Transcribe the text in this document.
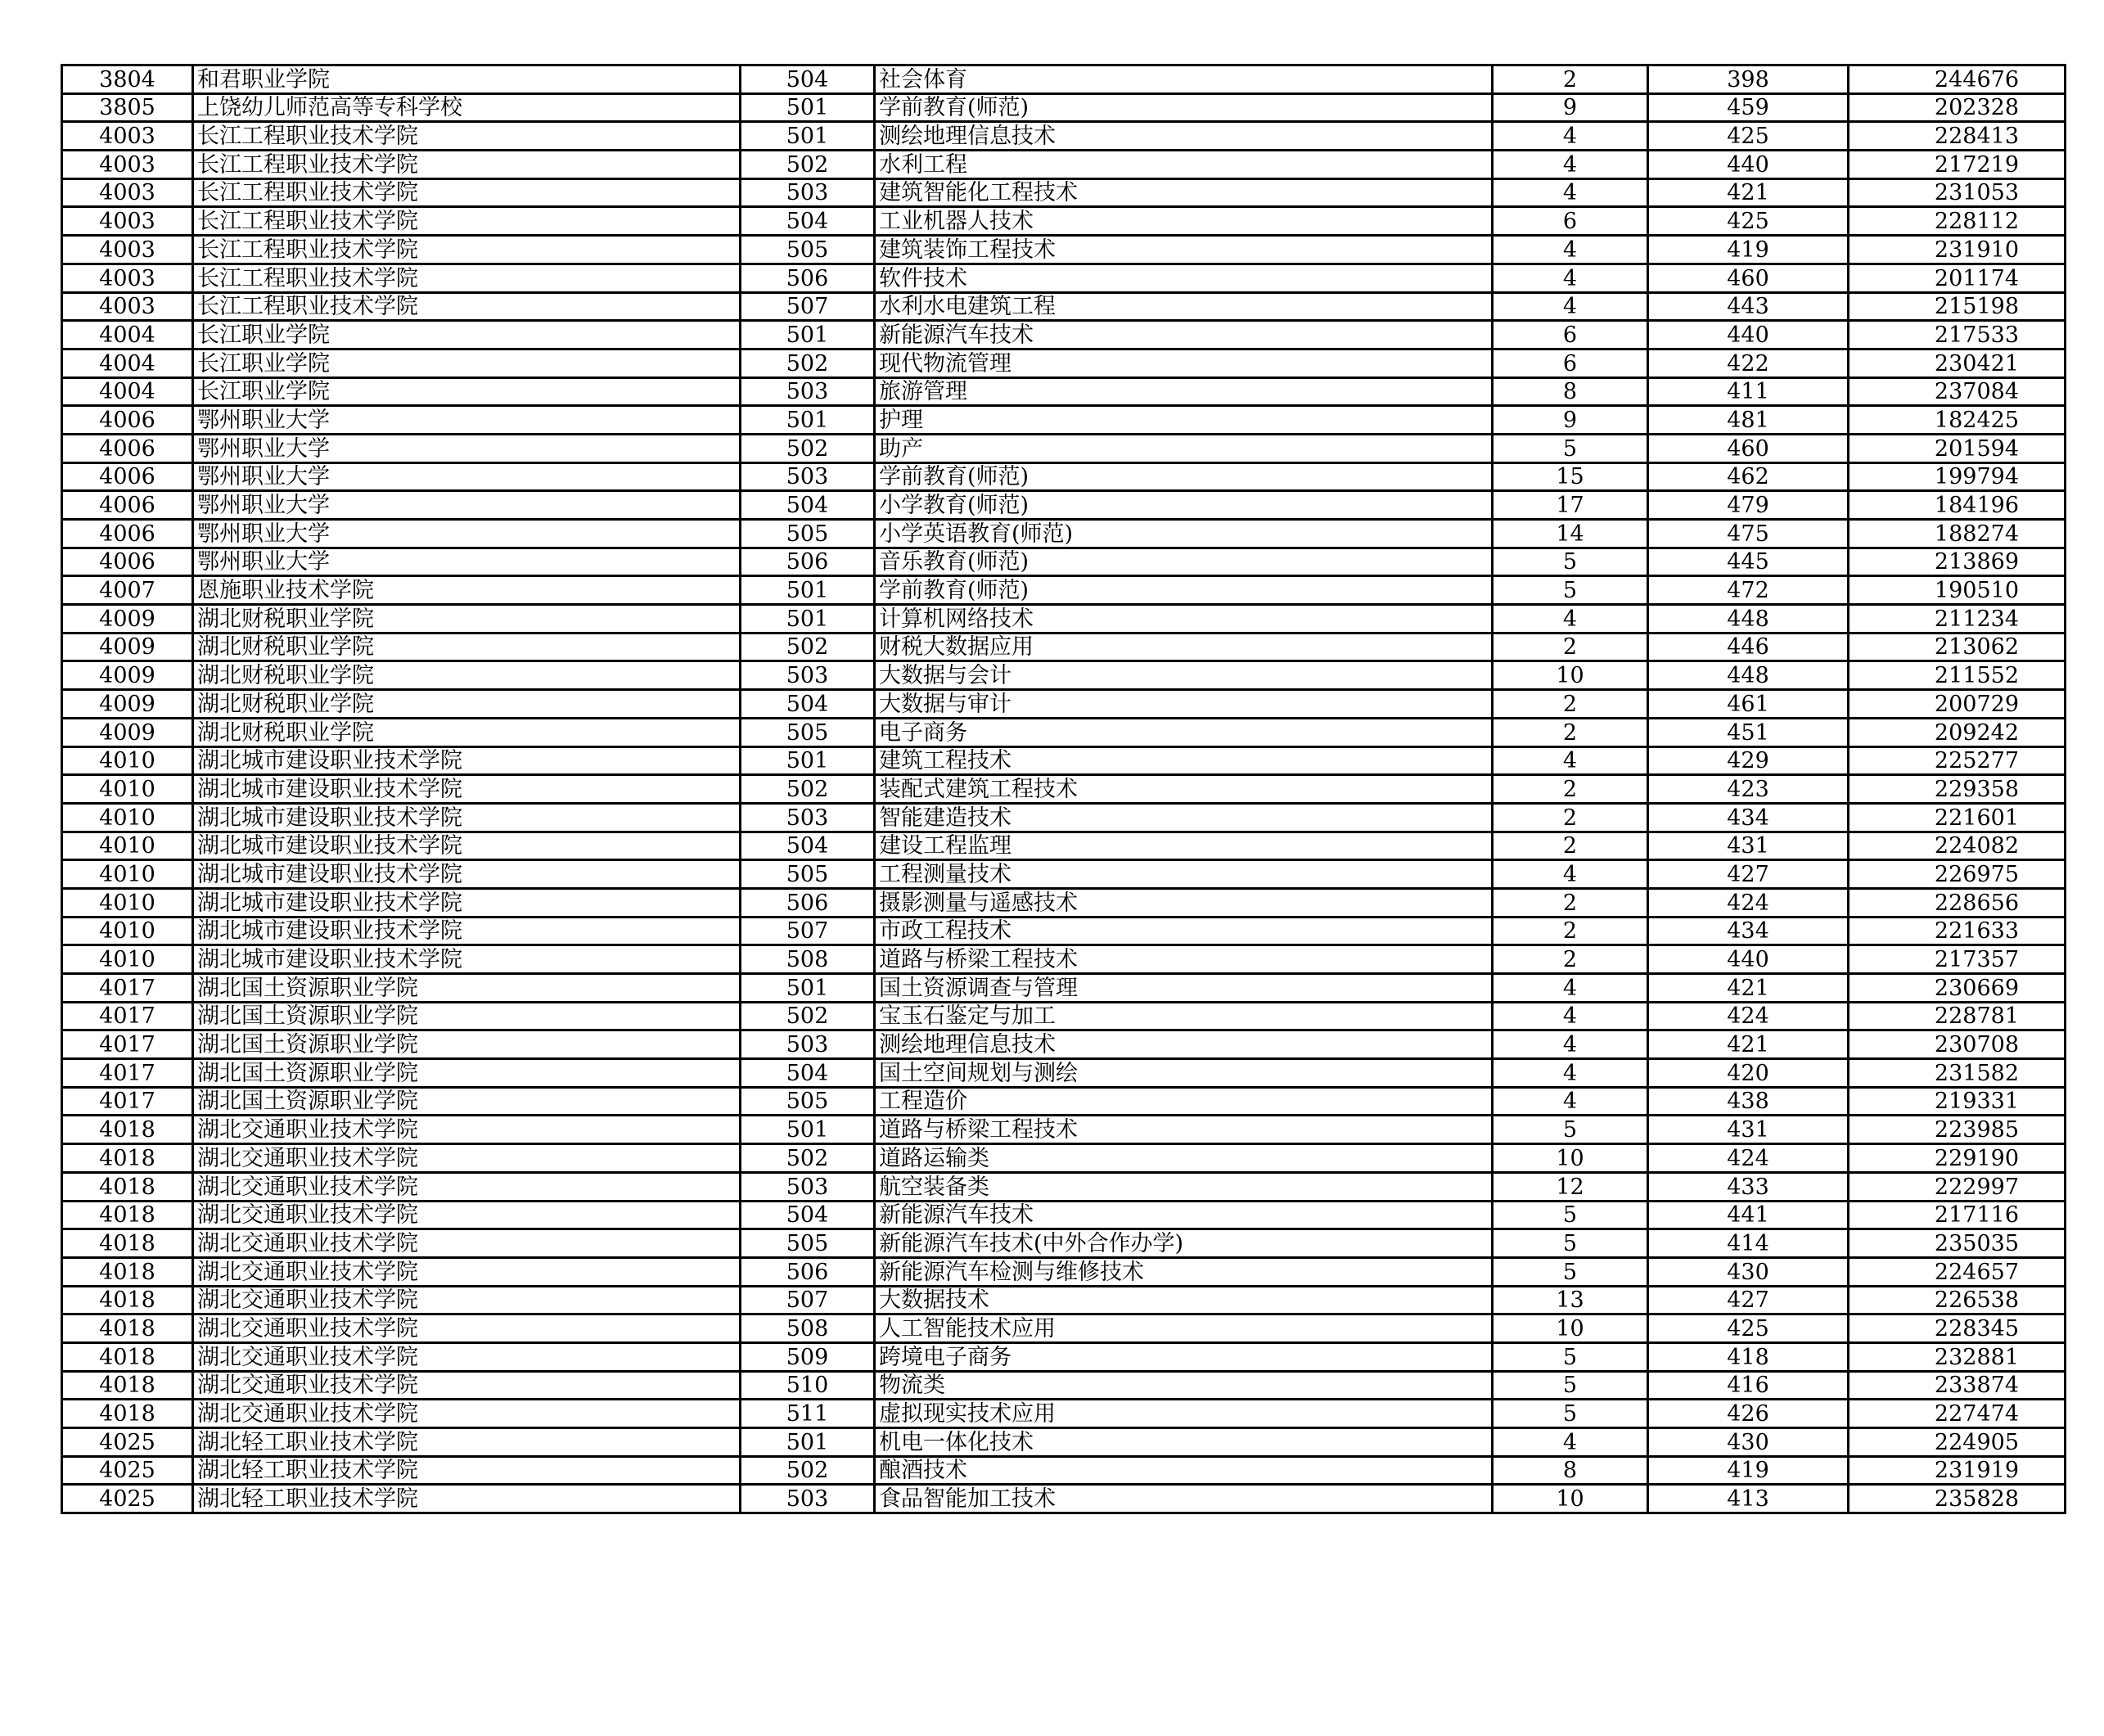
3804	和君职业学院	504	社会体育	2	398	244676
3805	上饶幼儿师范高等专科学校	501	学前教育(师范)	9	459	202328
4003	长江工程职业技术学院	501	测绘地理信息技术	4	425	228413
4003	长江工程职业技术学院	502	水利工程	4	440	217219
4003	长江工程职业技术学院	503	建筑智能化工程技术	4	421	231053
4003	长江工程职业技术学院	504	工业机器人技术	6	425	228112
4003	长江工程职业技术学院	505	建筑装饰工程技术	4	419	231910
4003	长江工程职业技术学院	506	软件技术	4	460	201174
4003	长江工程职业技术学院	507	水利水电建筑工程	4	443	215198
4004	长江职业学院	501	新能源汽车技术	6	440	217533
4004	长江职业学院	502	现代物流管理	6	422	230421
4004	长江职业学院	503	旅游管理	8	411	237084
4006	鄂州职业大学	501	护理	9	481	182425
4006	鄂州职业大学	502	助产	5	460	201594
4006	鄂州职业大学	503	学前教育(师范)	15	462	199794
4006	鄂州职业大学	504	小学教育(师范)	17	479	184196
4006	鄂州职业大学	505	小学英语教育(师范)	14	475	188274
4006	鄂州职业大学	506	音乐教育(师范)	5	445	213869
4007	恩施职业技术学院	501	学前教育(师范)	5	472	190510
4009	湖北财税职业学院	501	计算机网络技术	4	448	211234
4009	湖北财税职业学院	502	财税大数据应用	2	446	213062
4009	湖北财税职业学院	503	大数据与会计	10	448	211552
4009	湖北财税职业学院	504	大数据与审计	2	461	200729
4009	湖北财税职业学院	505	电子商务	2	451	209242
4010	湖北城市建设职业技术学院	501	建筑工程技术	4	429	225277
4010	湖北城市建设职业技术学院	502	装配式建筑工程技术	2	423	229358
4010	湖北城市建设职业技术学院	503	智能建造技术	2	434	221601
4010	湖北城市建设职业技术学院	504	建设工程监理	2	431	224082
4010	湖北城市建设职业技术学院	505	工程测量技术	4	427	226975
4010	湖北城市建设职业技术学院	506	摄影测量与遥感技术	2	424	228656
4010	湖北城市建设职业技术学院	507	市政工程技术	2	434	221633
4010	湖北城市建设职业技术学院	508	道路与桥梁工程技术	2	440	217357
4017	湖北国土资源职业学院	501	国土资源调查与管理	4	421	230669
4017	湖北国土资源职业学院	502	宝玉石鉴定与加工	4	424	228781
4017	湖北国土资源职业学院	503	测绘地理信息技术	4	421	230708
4017	湖北国土资源职业学院	504	国土空间规划与测绘	4	420	231582
4017	湖北国土资源职业学院	505	工程造价	4	438	219331
4018	湖北交通职业技术学院	501	道路与桥梁工程技术	5	431	223985
4018	湖北交通职业技术学院	502	道路运输类	10	424	229190
4018	湖北交通职业技术学院	503	航空装备类	12	433	222997
4018	湖北交通职业技术学院	504	新能源汽车技术	5	441	217116
4018	湖北交通职业技术学院	505	新能源汽车技术(中外合作办学)	5	414	235035
4018	湖北交通职业技术学院	506	新能源汽车检测与维修技术	5	430	224657
4018	湖北交通职业技术学院	507	大数据技术	13	427	226538
4018	湖北交通职业技术学院	508	人工智能技术应用	10	425	228345
4018	湖北交通职业技术学院	509	跨境电子商务	5	418	232881
4018	湖北交通职业技术学院	510	物流类	5	416	233874
4018	湖北交通职业技术学院	511	虚拟现实技术应用	5	426	227474
4025	湖北轻工职业技术学院	501	机电一体化技术	4	430	224905
4025	湖北轻工职业技术学院	502	酿酒技术	8	419	231919
4025	湖北轻工职业技术学院	503	食品智能加工技术	10	413	235828
